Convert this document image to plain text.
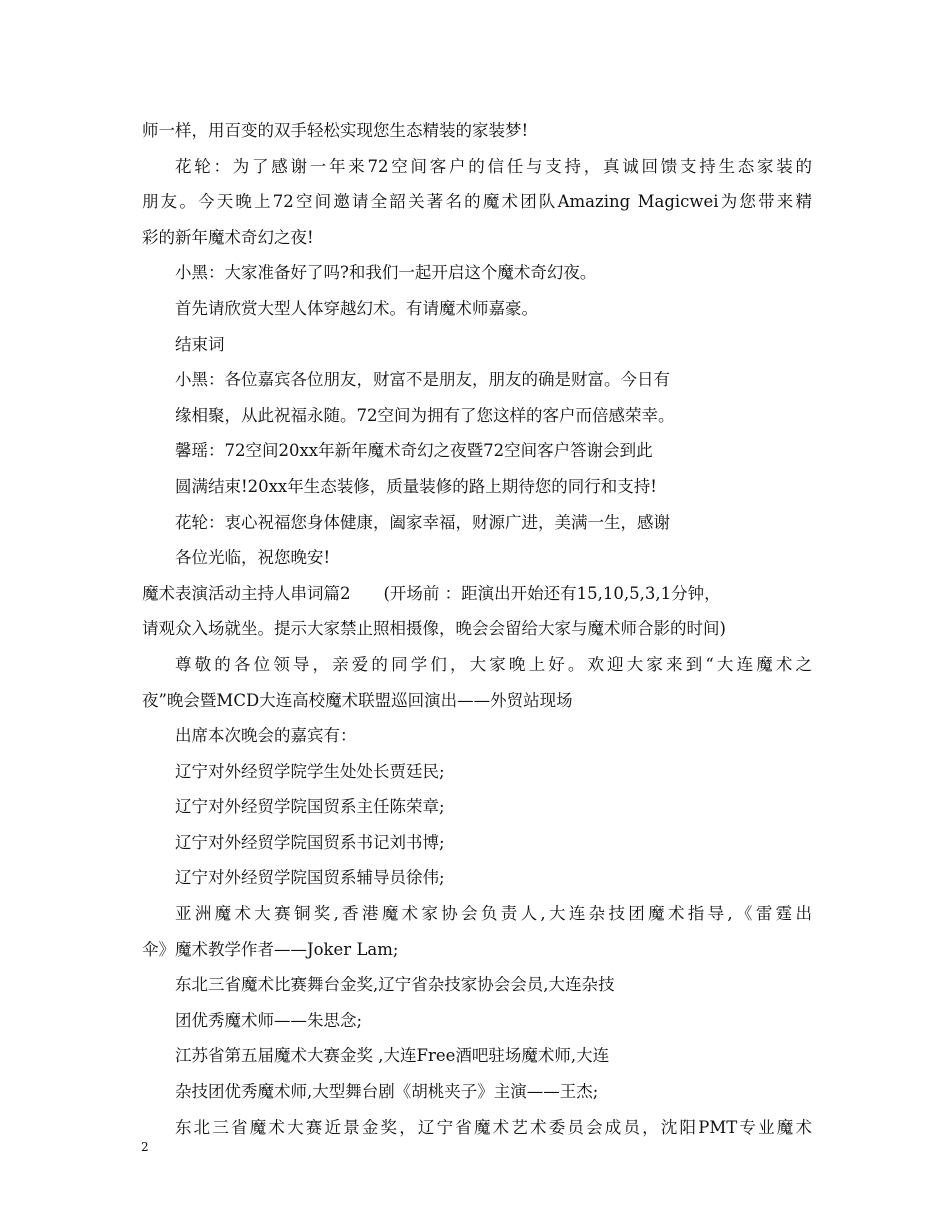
师一样，用百变的双手轻松实现您生态精装的家装梦!
花轮：为了感谢一年来72空间客户的信任与支持，真诚回馈支持生态家装的
朋友。今天晚上72空间邀请全韶关著名的魔术团队Amazing Magicwei为您带来精
彩的新年魔术奇幻之夜!
小黑：大家准备好了吗?和我们一起开启这个魔术奇幻夜。
首先请欣赏大型人体穿越幻术。有请魔术师嘉豪。
结束词
小黑：各位嘉宾各位朋友，财富不是朋友，朋友的确是财富。今日有
缘相聚，从此祝福永随。72空间为拥有了您这样的客户而倍感荣幸。
馨瑶：72空间20xx年新年魔术奇幻之夜暨72空间客户答谢会到此
圆满结束!20xx年生态装修，质量装修的路上期待您的同行和支持!
花轮：衷心祝福您身体健康，阖家幸福，财源广进，美满一生，感谢
各位光临，祝您晚安!
魔术表演活动主持人串词篇2　　(开场前 ：距演出开始还有15,10,5,3,1分钟，
请观众入场就坐。提示大家禁止照相摄像，晚会会留给大家与魔术师合影的时间)
尊敬的各位领导，亲爱的同学们，大家晚上好。欢迎大家来到“大连魔术之
夜”晚会暨MCD大连高校魔术联盟巡回演出——外贸站现场
出席本次晚会的嘉宾有：
辽宁对外经贸学院学生处处长贾廷民;
辽宁对外经贸学院国贸系主任陈荣章;
辽宁对外经贸学院国贸系书记刘书博;
辽宁对外经贸学院国贸系辅导员徐伟;
亚洲魔术大赛铜奖,香港魔术家协会负责人,大连杂技团魔术指导,《雷霆出
伞》魔术教学作者——Joker Lam;
东北三省魔术比赛舞台金奖,辽宁省杂技家协会会员,大连杂技
团优秀魔术师——朱思念;
江苏省第五届魔术大赛金奖 ,大连Free酒吧驻场魔术师,大连
杂技团优秀魔术师,大型舞台剧《胡桃夹子》主演——王杰;
东北三省魔术大赛近景金奖，辽宁省魔术艺术委员会成员，沈阳PMT专业魔术
2
